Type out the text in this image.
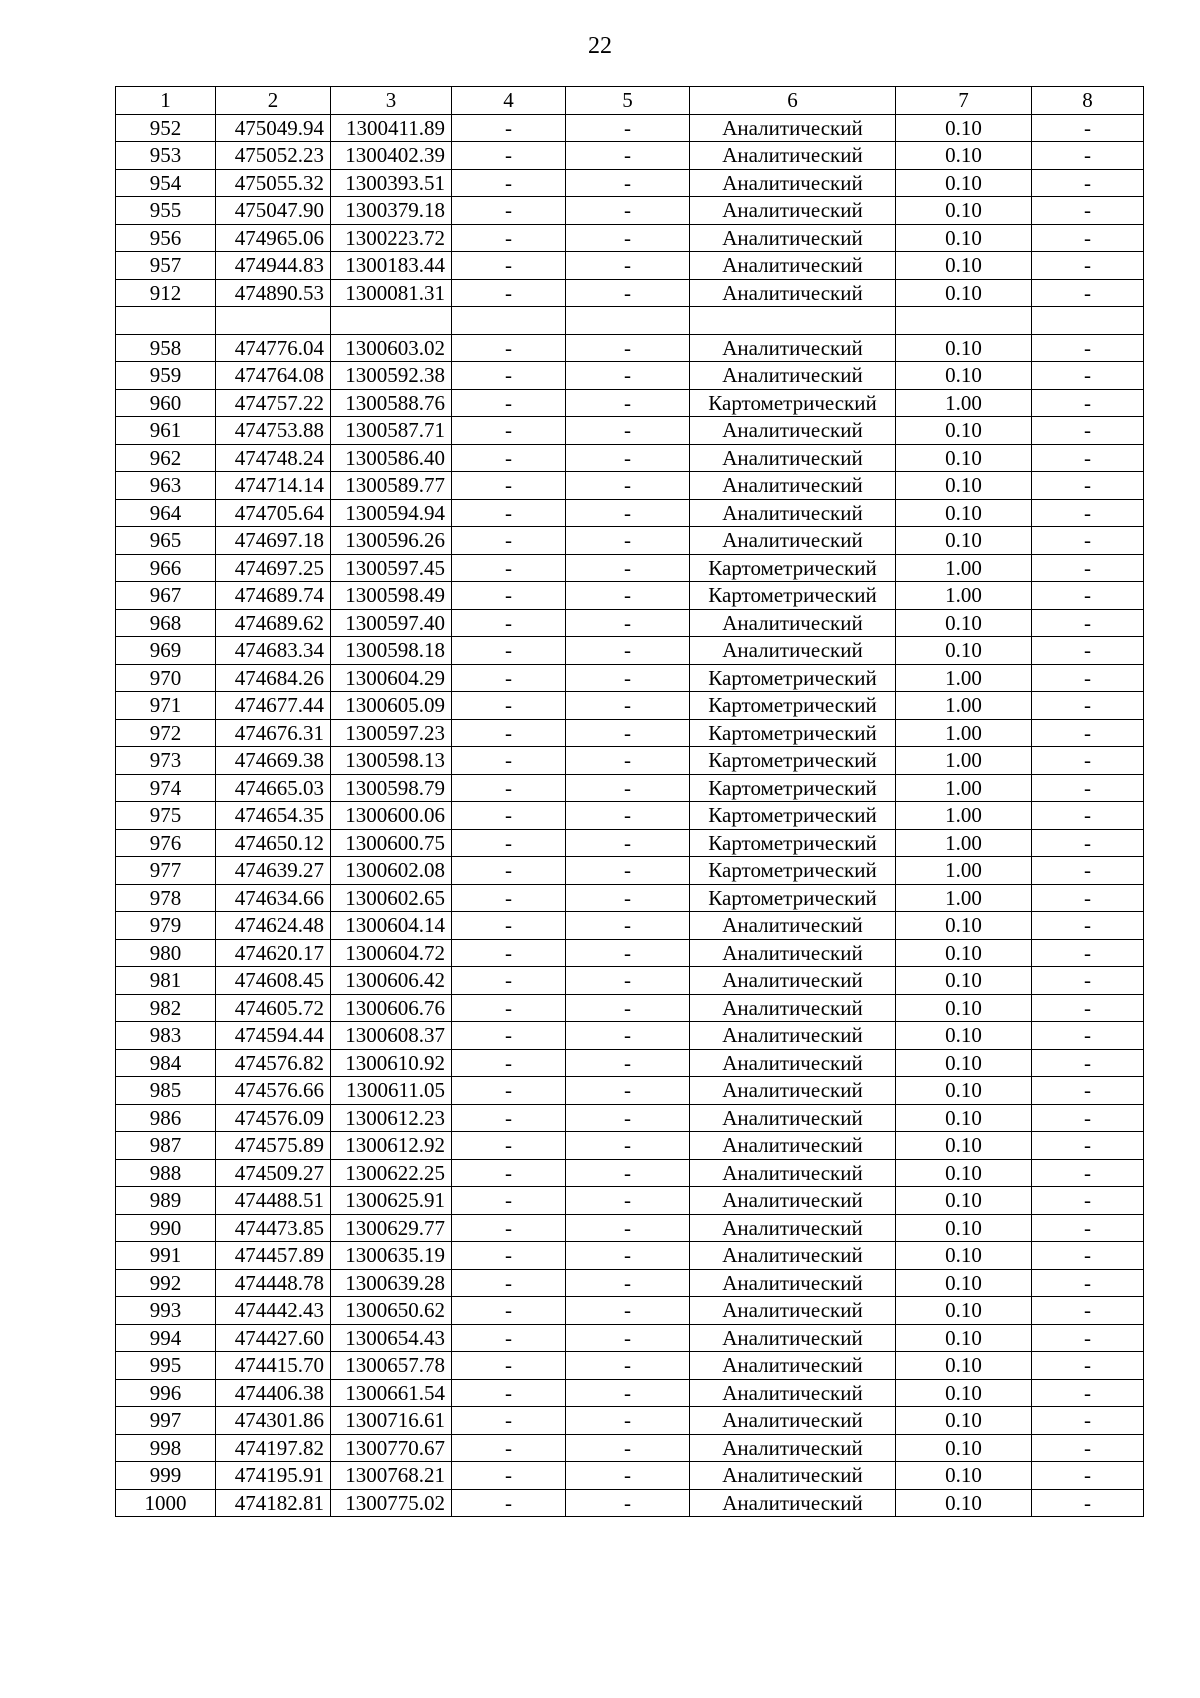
22
1	2	3	4	5	6	7	8
952	475049.94	1300411.89	-	-	Аналитический	0.10	-
953	475052.23	1300402.39	-	-	Аналитический	0.10	-
954	475055.32	1300393.51	-	-	Аналитический	0.10	-
955	475047.90	1300379.18	-	-	Аналитический	0.10	-
956	474965.06	1300223.72	-	-	Аналитический	0.10	-
957	474944.83	1300183.44	-	-	Аналитический	0.10	-
912	474890.53	1300081.31	-	-	Аналитический	0.10	-

958	474776.04	1300603.02	-	-	Аналитический	0.10	-
959	474764.08	1300592.38	-	-	Аналитический	0.10	-
960	474757.22	1300588.76	-	-	Картометрический	1.00	-
961	474753.88	1300587.71	-	-	Аналитический	0.10	-
962	474748.24	1300586.40	-	-	Аналитический	0.10	-
963	474714.14	1300589.77	-	-	Аналитический	0.10	-
964	474705.64	1300594.94	-	-	Аналитический	0.10	-
965	474697.18	1300596.26	-	-	Аналитический	0.10	-
966	474697.25	1300597.45	-	-	Картометрический	1.00	-
967	474689.74	1300598.49	-	-	Картометрический	1.00	-
968	474689.62	1300597.40	-	-	Аналитический	0.10	-
969	474683.34	1300598.18	-	-	Аналитический	0.10	-
970	474684.26	1300604.29	-	-	Картометрический	1.00	-
971	474677.44	1300605.09	-	-	Картометрический	1.00	-
972	474676.31	1300597.23	-	-	Картометрический	1.00	-
973	474669.38	1300598.13	-	-	Картометрический	1.00	-
974	474665.03	1300598.79	-	-	Картометрический	1.00	-
975	474654.35	1300600.06	-	-	Картометрический	1.00	-
976	474650.12	1300600.75	-	-	Картометрический	1.00	-
977	474639.27	1300602.08	-	-	Картометрический	1.00	-
978	474634.66	1300602.65	-	-	Картометрический	1.00	-
979	474624.48	1300604.14	-	-	Аналитический	0.10	-
980	474620.17	1300604.72	-	-	Аналитический	0.10	-
981	474608.45	1300606.42	-	-	Аналитический	0.10	-
982	474605.72	1300606.76	-	-	Аналитический	0.10	-
983	474594.44	1300608.37	-	-	Аналитический	0.10	-
984	474576.82	1300610.92	-	-	Аналитический	0.10	-
985	474576.66	1300611.05	-	-	Аналитический	0.10	-
986	474576.09	1300612.23	-	-	Аналитический	0.10	-
987	474575.89	1300612.92	-	-	Аналитический	0.10	-
988	474509.27	1300622.25	-	-	Аналитический	0.10	-
989	474488.51	1300625.91	-	-	Аналитический	0.10	-
990	474473.85	1300629.77	-	-	Аналитический	0.10	-
991	474457.89	1300635.19	-	-	Аналитический	0.10	-
992	474448.78	1300639.28	-	-	Аналитический	0.10	-
993	474442.43	1300650.62	-	-	Аналитический	0.10	-
994	474427.60	1300654.43	-	-	Аналитический	0.10	-
995	474415.70	1300657.78	-	-	Аналитический	0.10	-
996	474406.38	1300661.54	-	-	Аналитический	0.10	-
997	474301.86	1300716.61	-	-	Аналитический	0.10	-
998	474197.82	1300770.67	-	-	Аналитический	0.10	-
999	474195.91	1300768.21	-	-	Аналитический	0.10	-
1000	474182.81	1300775.02	-	-	Аналитический	0.10	-
